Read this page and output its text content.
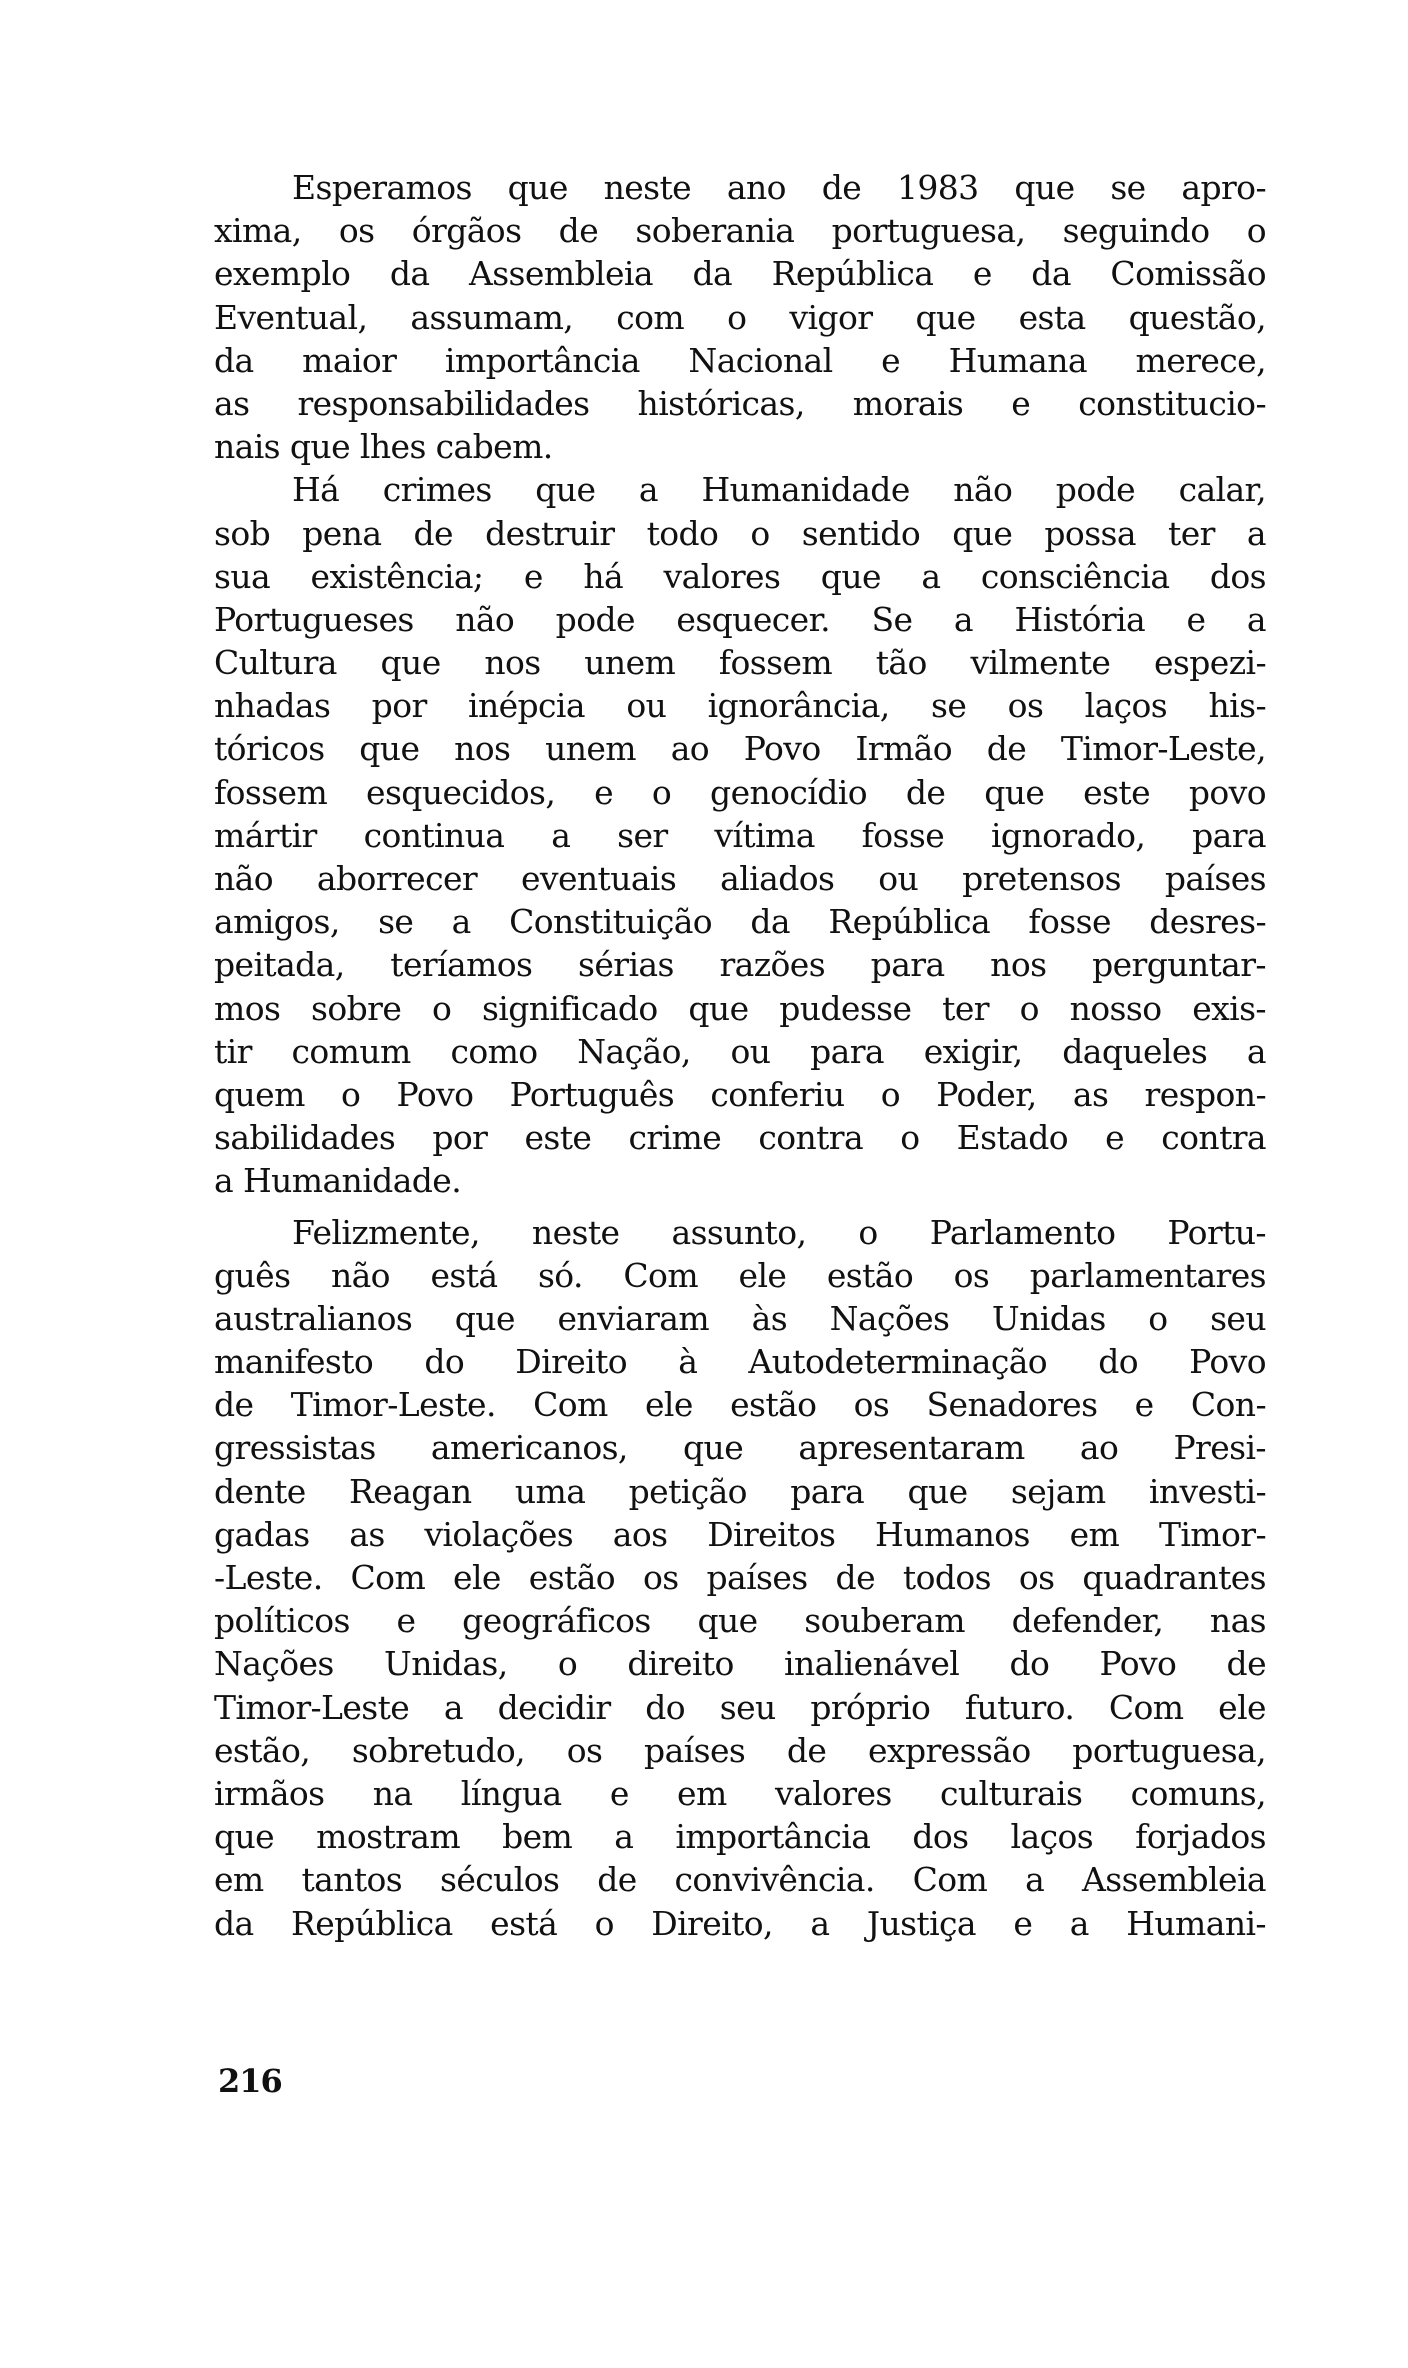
Esperamos que neste ano de 1983 que se apro-
xima, os órgãos de soberania portuguesa, seguindo o
exemplo da Assembleia da República e da Comissão
Eventual, assumam, com o vigor que esta questão,
da maior importância Nacional e Humana merece,
as responsabilidades históricas, morais e constitucio-
nais que lhes cabem.
Há crimes que a Humanidade não pode calar,
sob pena de destruir todo o sentido que possa ter a
sua existência; e há valores que a consciência dos
Portugueses não pode esquecer. Se a História e a
Cultura que nos unem fossem tão vilmente espezi-
nhadas por inépcia ou ignorância, se os laços his-
tóricos que nos unem ao Povo Irmão de Timor-Leste,
fossem esquecidos, e o genocídio de que este povo
mártir continua a ser vítima fosse ignorado, para
não aborrecer eventuais aliados ou pretensos países
amigos, se a Constituição da República fosse desres-
peitada, teríamos sérias razões para nos perguntar-
mos sobre o significado que pudesse ter o nosso exis-
tir comum como Nação, ou para exigir, daqueles a
quem o Povo Português conferiu o Poder, as respon-
sabilidades por este crime contra o Estado e contra
a Humanidade.
Felizmente, neste assunto, o Parlamento Portu-
guês não está só. Com ele estão os parlamentares
australianos que enviaram às Nações Unidas o seu
manifesto do Direito à Autodeterminação do Povo
de Timor-Leste. Com ele estão os Senadores e Con-
gressistas americanos, que apresentaram ao Presi-
dente Reagan uma petição para que sejam investi-
gadas as violações aos Direitos Humanos em Timor-
-Leste. Com ele estão os países de todos os quadrantes
políticos e geográficos que souberam defender, nas
Nações Unidas, o direito inalienável do Povo de
Timor-Leste a decidir do seu próprio futuro. Com ele
estão, sobretudo, os países de expressão portuguesa,
irmãos na língua e em valores culturais comuns,
que mostram bem a importância dos laços forjados
em tantos séculos de convivência. Com a Assembleia
da República está o Direito, a Justiça e a Humani-
216
